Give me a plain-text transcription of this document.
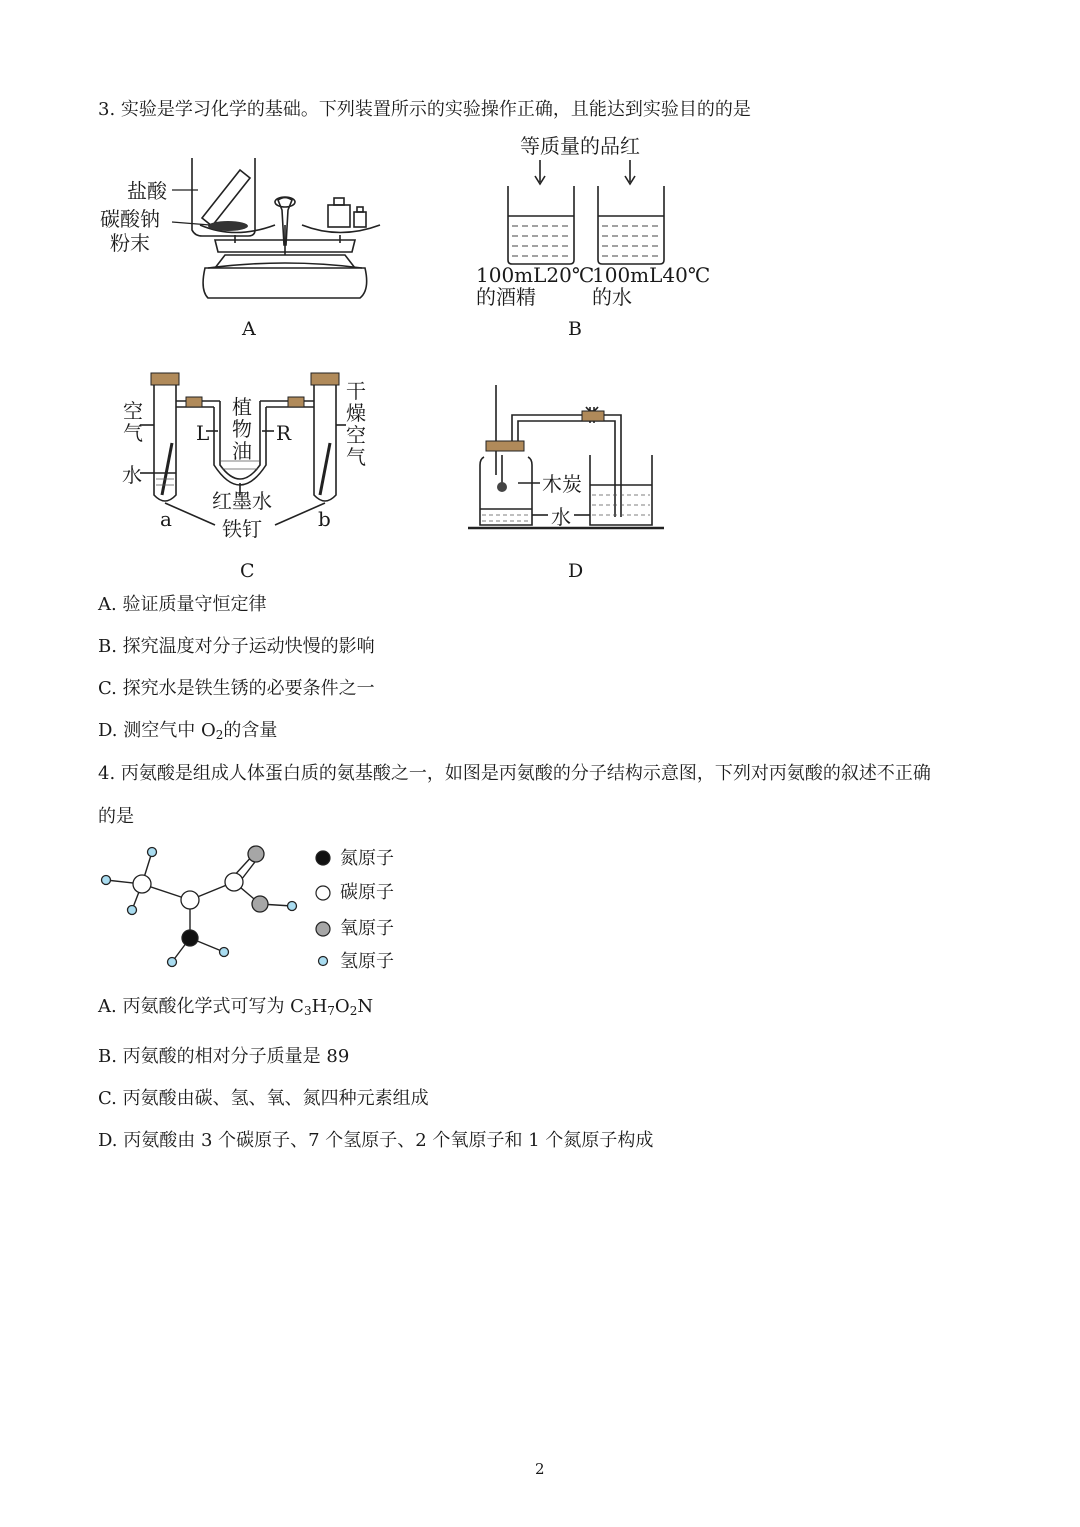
3. 实验是学习化学的基础。下列装置所示的实验操作正确，且能达到实验目的的是
盐酸
碳酸钠
粉末
A
等质量的品红
100mL20℃
的酒精
100mL40℃
的水
B
空
气
水
L
植
物
油
R
干
燥
空
气
红墨水
a	b
铁钉
C
木炭
水
D
A. 验证质量守恒定律
B. 探究温度对分子运动快慢的影响
C. 探究水是铁生锈的必要条件之一
D. 测空气中 $O_2$的含量
4. 丙氨酸是组成人体蛋白质的氨基酸之一，如图是丙氨酸的分子结构示意图，下列对丙氨酸的叙述不正确
的是
氮原子
碳原子
氧原子
氢原子
A. 丙氨酸化学式可写为 $C_3H_7O_2N$
B. 丙氨酸的相对分子质量是 89
C. 丙氨酸由碳、氢、氧、氮四种元素组成
D. 丙氨酸由 3 个碳原子、7 个氢原子、2 个氧原子和 1 个氮原子构成
2
